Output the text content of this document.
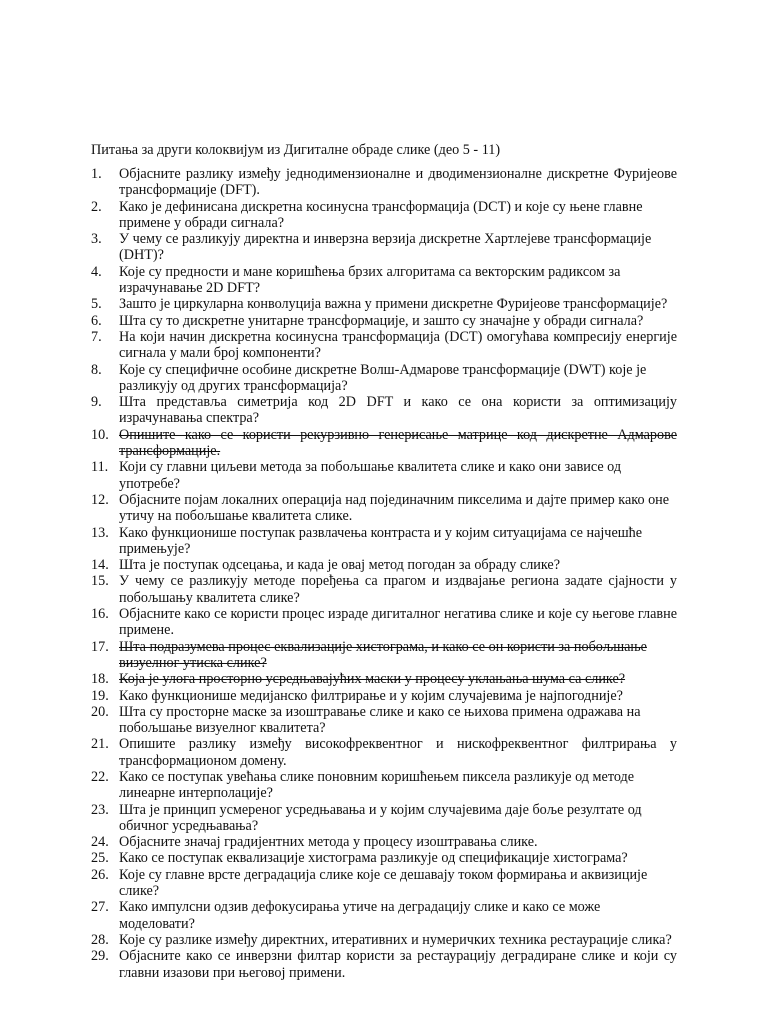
Питања за други колоквијум из Дигиталне обраде слике (део 5 - 11)
1.	Објасните разлику између једнодимензионалне и дводимензионалне дискретне Фуријеове трансформације (DFT).
2.	Како је дефинисана дискретна косинусна трансформација (DCT) и које су њене главне примене у обради сигнала?
3.	У чему се разликују директна и инверзна верзија дискретне Хартлејеве трансформације (DHT)?
4.	Које су предности и мане коришћења брзих алгоритама са векторским радиксом за израчунавање 2D DFT?
5.	Зашто је циркуларна конволуција важна у примени дискретне Фуријеове трансформације?
6.	Шта су то дискретне унитарне трансформације, и зашто су значајне у обради сигнала?
7.	На који начин дискретна косинусна трансформација (DCT) омогућава компресију енергије сигнала у мали број компоненти?
8.	Које су специфичне особине дискретне Волш-Адмарове трансформације (DWT) које је разликују од других трансформација?
9.	Шта представља симетрија код 2D DFT и како се она користи за оптимизацију израчунавања спектра?
10. Опишите како се користи рекурзивно генерисање матрице код дискретне Адмарове трансформације.
11. Који су главни циљеви метода за побољшање квалитета слике и како они зависе од употребе?
12. Објасните појам локалних операција над појединачним пикселима и дајте пример како оне утичу на побољшање квалитета слике.
13. Како функционише поступак развлачења контраста и у којим ситуацијама се најчешће примењује?
14. Шта је поступак одсецања, и када је овај метод погодан за обраду слике?
15. У чему се разликују методе поређења са прагом и издвајање региона задате сјајности у побољшању квалитета слике?
16. Објасните како се користи процес израде дигиталног негатива слике и које су његове главне примене.
17. Шта подразумева процес еквализације хистограма, и како се он користи за побољшање визуелног утиска слике?
18. Која је улога просторно усредњавајућих маски у процесу уклањања шума са слике?
19. Како функционише медијанско филтрирање и у којим случајевима је најпогодније?
20. Шта су просторне маске за изоштравање слике и како се њихова примена одражава на побољшање визуелног квалитета?
21. Опишите разлику између високофреквентног и нискофреквентног филтрирања у трансформационом домену.
22. Како се поступак увећања слике поновним коришћењем пиксела разликује од методе линеарне интерполације?
23. Шта је принцип усмереног усредњавања и у којим случајевима даје боље резултате од обичног усредњавања?
24. Објасните значај градијентних метода у процесу изоштравања слике.
25. Како се поступак еквализације хистограма разликује од спецификације хистограма?
26. Које су главне врсте деградација слике које се дешавају током формирања и аквизиције слике?
27. Како импулсни одзив дефокусирања утиче на деградацију слике и како се може моделовати?
28. Које су разлике између директних, итеративних и нумеричких техника рестаурације слика?
29. Објасните како се инверзни филтар користи за рестаурацију деградиране слике и који су главни изазови при његовој примени.
